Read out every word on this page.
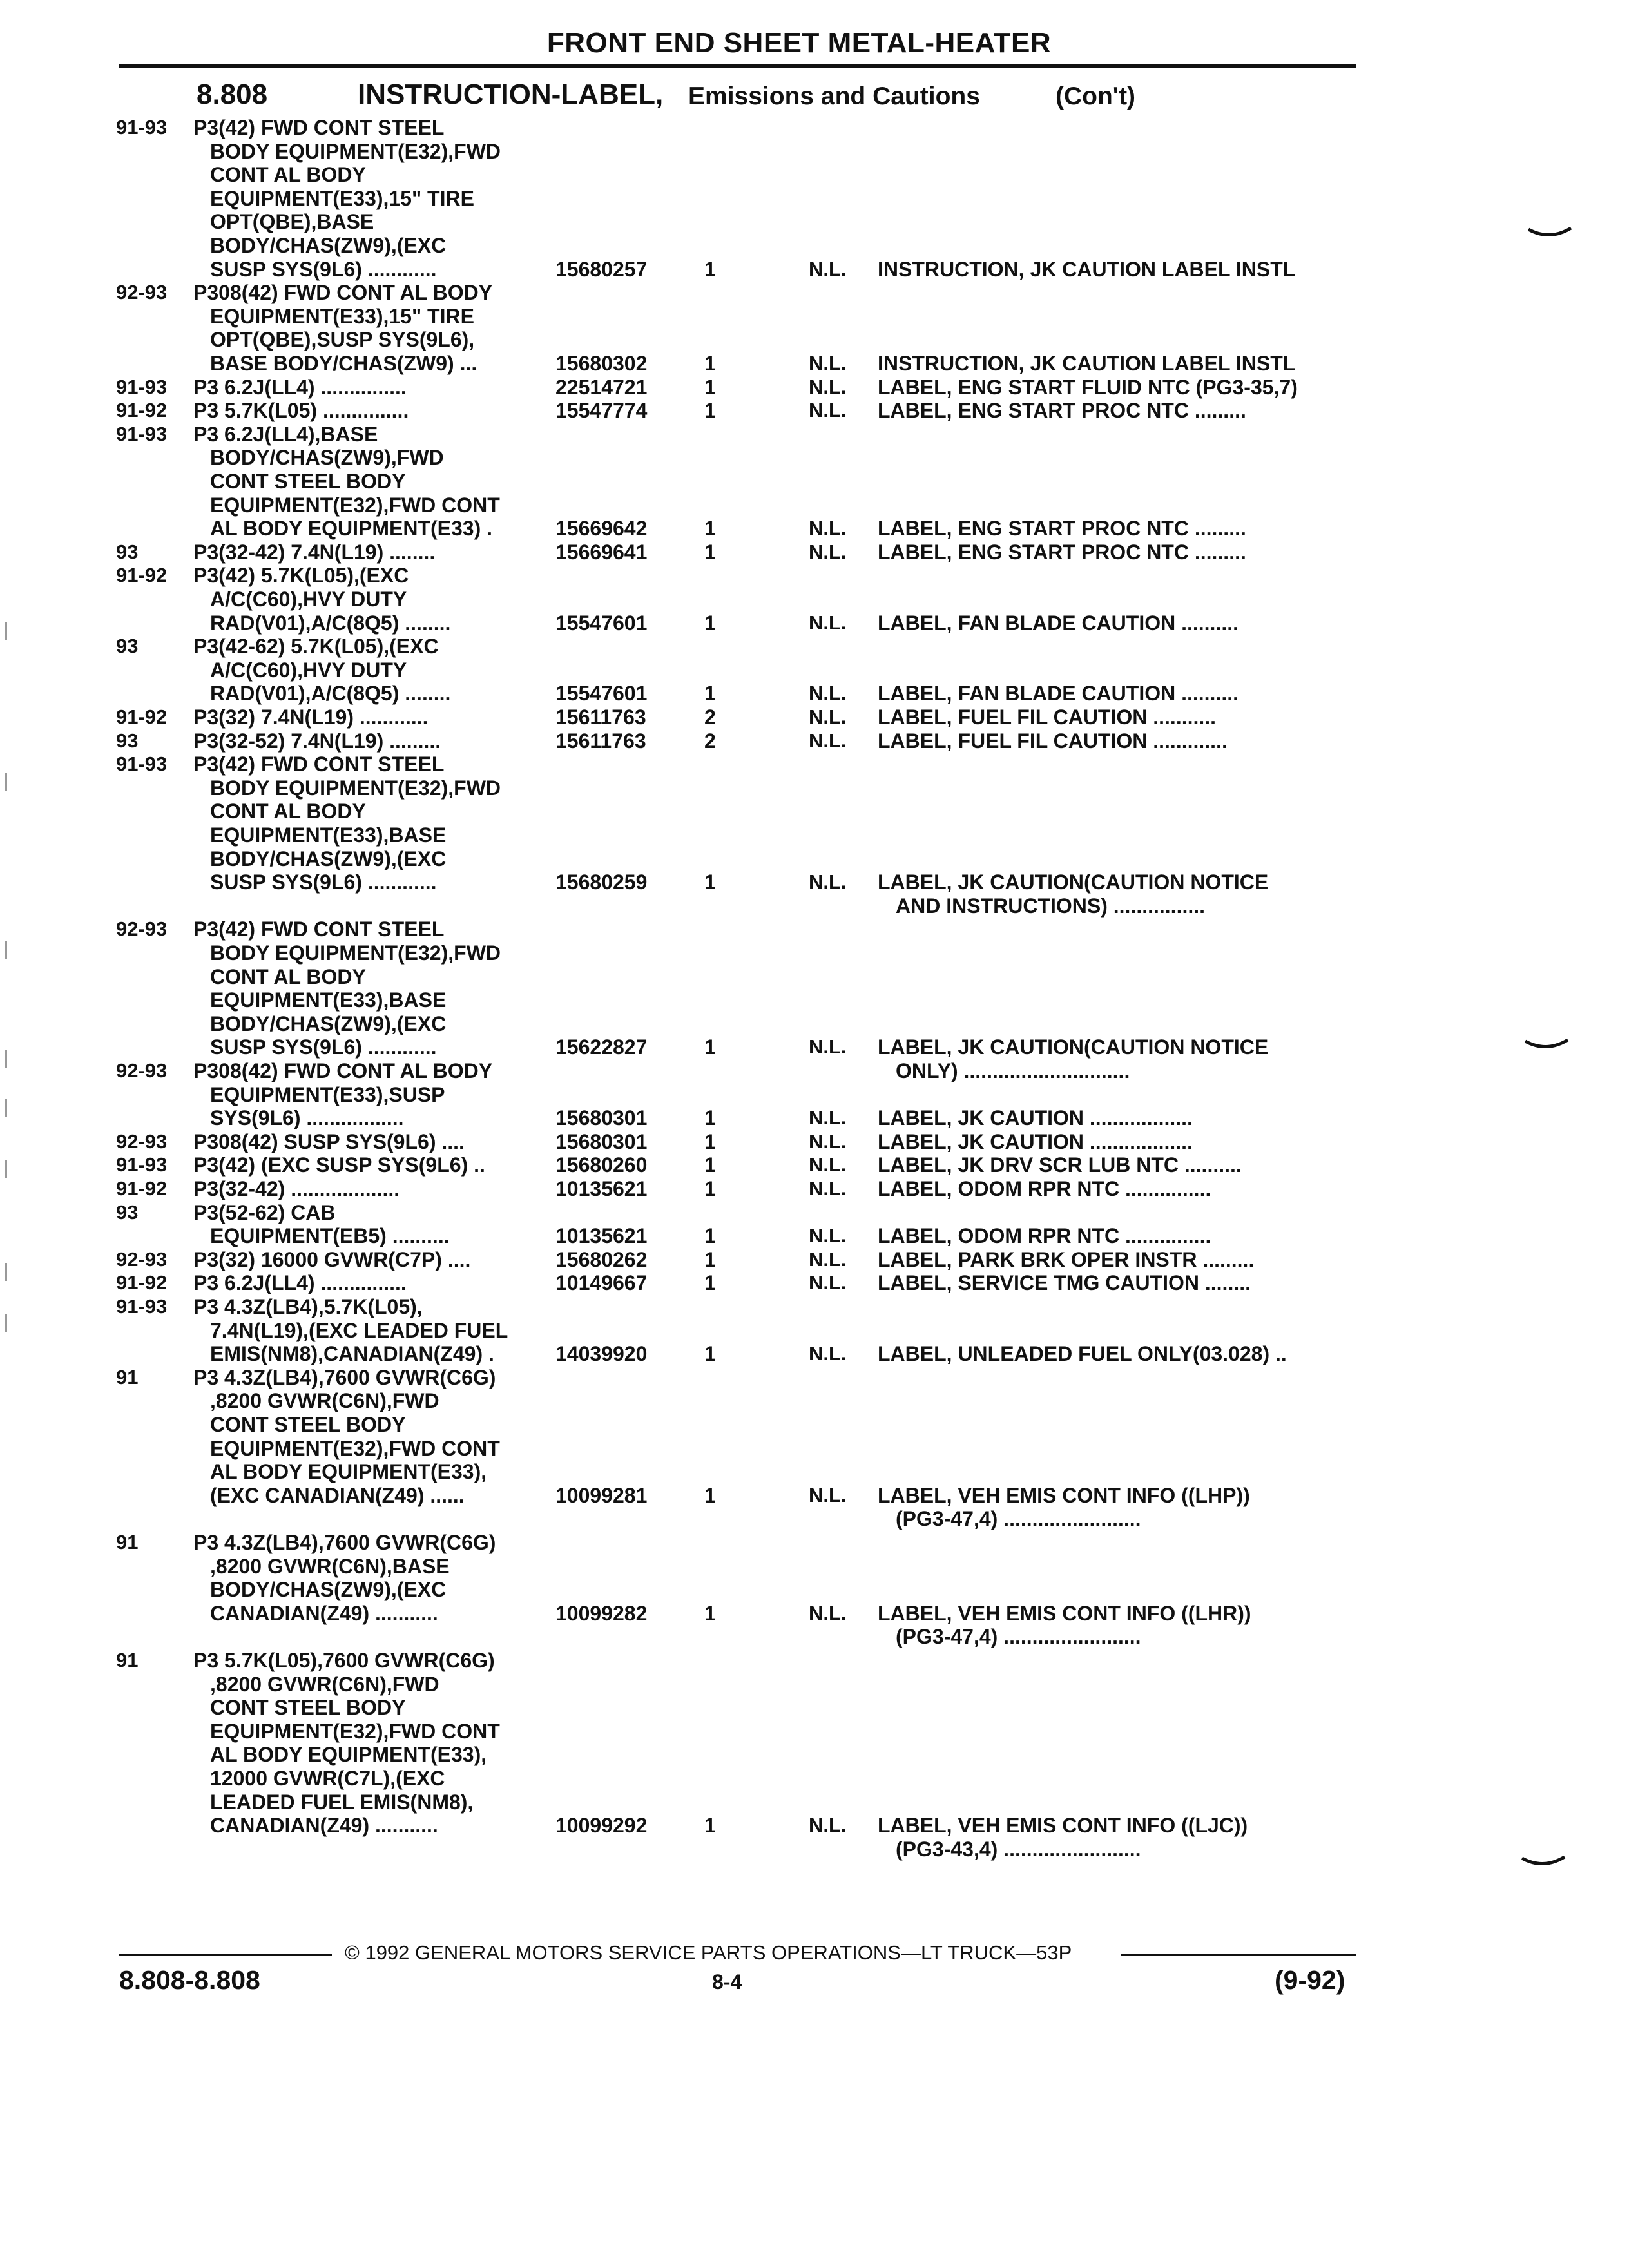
FRONT END SHEET METAL-HEATER
8.808	INSTRUCTION-LABEL, Emissions and Cautions	(Con't)
91-93 P3(42) FWD CONT STEEL
BODY EQUIPMENT(E32),FWD
CONT AL BODY
EQUIPMENT(E33),15" TIRE
OPT(QBE),BASE
BODY/CHAS(ZW9),(EXC
SUSP SYS(9L6) ............	15680257	1	N.L. INSTRUCTION, JK CAUTION LABEL INSTL
92-93 P308(42) FWD CONT AL BODY
EQUIPMENT(E33),15" TIRE
OPT(QBE),SUSP SYS(9L6),
BASE BODY/CHAS(ZW9) ...	15680302	1	N.L. INSTRUCTION, JK CAUTION LABEL INSTL
91-93 P3 6.2J(LL4) ...............	22514721	1	N.L. LABEL, ENG START FLUID NTC (PG3-35,7)
91-92 P3 5.7K(L05) ...............	15547774	1	N.L. LABEL, ENG START PROC NTC .........
91-93 P3 6.2J(LL4),BASE
BODY/CHAS(ZW9),FWD
CONT STEEL BODY
EQUIPMENT(E32),FWD CONT
AL BODY EQUIPMENT(E33) .	15669642	1	N.L. LABEL, ENG START PROC NTC .........
93	P3(32-42) 7.4N(L19) ........	15669641	1	N.L. LABEL, ENG START PROC NTC .........
91-92 P3(42) 5.7K(L05),(EXC
A/C(C60),HVY DUTY
RAD(V01),A/C(8Q5) ........	15547601	1	N.L. LABEL, FAN BLADE CAUTION ..........
93	P3(42-62) 5.7K(L05),(EXC
A/C(C60),HVY DUTY
RAD(V01),A/C(8Q5) ........	15547601	1	N.L. LABEL, FAN BLADE CAUTION ..........
91-92 P3(32) 7.4N(L19) ............	15611763	2	N.L. LABEL, FUEL FIL CAUTION ...........
93	P3(32-52) 7.4N(L19) .........	15611763	2	N.L. LABEL, FUEL FIL CAUTION .............
91-93 P3(42) FWD CONT STEEL
BODY EQUIPMENT(E32),FWD
CONT AL BODY
EQUIPMENT(E33),BASE
BODY/CHAS(ZW9),(EXC
SUSP SYS(9L6) ............	15680259	1	N.L. LABEL, JK CAUTION(CAUTION NOTICE
AND INSTRUCTIONS) ................
92-93 P3(42) FWD CONT STEEL
BODY EQUIPMENT(E32),FWD
CONT AL BODY
EQUIPMENT(E33),BASE
BODY/CHAS(ZW9),(EXC
SUSP SYS(9L6) ............	15622827	1	N.L. LABEL, JK CAUTION(CAUTION NOTICE
ONLY) .............................
92-93 P308(42) FWD CONT AL BODY
EQUIPMENT(E33),SUSP
SYS(9L6) .................	15680301	1	N.L. LABEL, JK CAUTION ..................
92-93 P308(42) SUSP SYS(9L6) ....	15680301	1	N.L. LABEL, JK CAUTION ..................
91-93 P3(42) (EXC SUSP SYS(9L6) ..	15680260	1	N.L. LABEL, JK DRV SCR LUB NTC ..........
91-92 P3(32-42) ...................	10135621	1	N.L. LABEL, ODOM RPR NTC ...............
93	P3(52-62) CAB
EQUIPMENT(EB5) ..........	10135621	1	N.L. LABEL, ODOM RPR NTC ...............
92-93 P3(32) 16000 GVWR(C7P) ....	15680262	1	N.L. LABEL, PARK BRK OPER INSTR .........
91-92 P3 6.2J(LL4) ...............	10149667	1	N.L. LABEL, SERVICE TMG CAUTION ........
91-93 P3 4.3Z(LB4),5.7K(L05),
7.4N(L19),(EXC LEADED FUEL
EMIS(NM8),CANADIAN(Z49) .	14039920	1	N.L. LABEL, UNLEADED FUEL ONLY(03.028) ..
91	P3 4.3Z(LB4),7600 GVWR(C6G)
,8200 GVWR(C6N),FWD
CONT STEEL BODY
EQUIPMENT(E32),FWD CONT
AL BODY EQUIPMENT(E33),
(EXC CANADIAN(Z49) ......	10099281	1	N.L. LABEL, VEH EMIS CONT INFO ((LHP))
(PG3-47,4) ........................
91	P3 4.3Z(LB4),7600 GVWR(C6G)
,8200 GVWR(C6N),BASE
BODY/CHAS(ZW9),(EXC
CANADIAN(Z49) ...........	10099282	1	N.L. LABEL, VEH EMIS CONT INFO ((LHR))
(PG3-47,4) ........................
91	P3 5.7K(L05),7600 GVWR(C6G)
,8200 GVWR(C6N),FWD
CONT STEEL BODY
EQUIPMENT(E32),FWD CONT
AL BODY EQUIPMENT(E33),
12000 GVWR(C7L),(EXC
LEADED FUEL EMIS(NM8),
CANADIAN(Z49) ...........	10099292	1	N.L. LABEL, VEH EMIS CONT INFO ((LJC))
(PG3-43,4) ........................
© 1992 GENERAL MOTORS SERVICE PARTS OPERATIONS—LT TRUCK—53P
8.808-8.808	8-4	(9-92)
